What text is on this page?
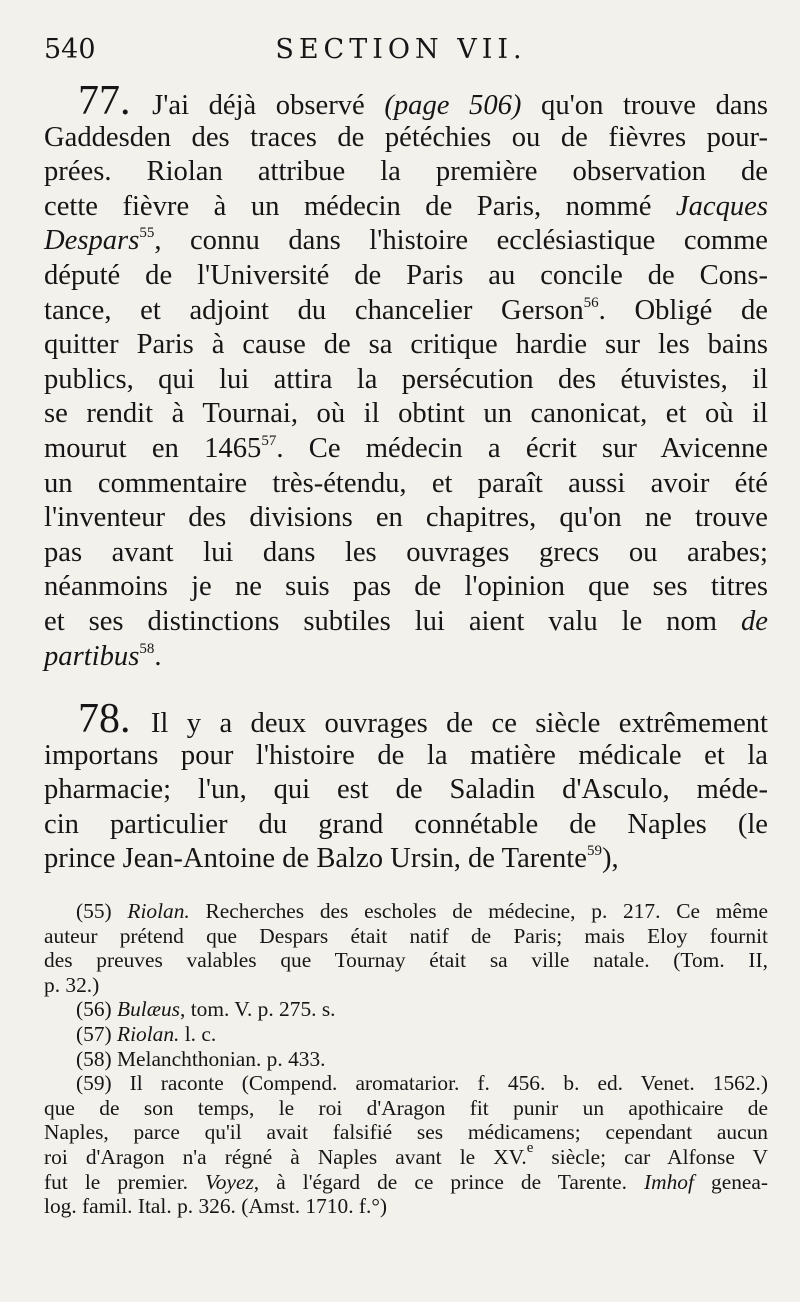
540	SECTION VII.
77. J'ai déjà observé (page 506) qu'on trouve dans
Gaddesden des traces de pétéchies ou de fièvres pour-
prées. Riolan attribue la première observation de
cette fièvre à un médecin de Paris, nommé Jacques
Despars$^{55}$, connu dans l'histoire ecclésiastique comme
député de l'Université de Paris au concile de Cons-
tance, et adjoint du chancelier Gerson$^{56}$. Obligé de
quitter Paris à cause de sa critique hardie sur les bains
publics, qui lui attira la persécution des étuvistes, il
se rendit à Tournai, où il obtint un canonicat, et où il
mourut en 1465$^{57}$. Ce médecin a écrit sur Avicenne
un commentaire très-étendu, et paraît aussi avoir été
l'inventeur des divisions en chapitres, qu'on ne trouve
pas avant lui dans les ouvrages grecs ou arabes;
néanmoins je ne suis pas de l'opinion que ses titres
et ses distinctions subtiles lui aient valu le nom de
partibus$^{58}$.
78. Il y a deux ouvrages de ce siècle extrêmement
importans pour l'histoire de la matière médicale et la
pharmacie; l'un, qui est de Saladin d'Asculo, méde-
cin particulier du grand connétable de Naples (le
prince Jean-Antoine de Balzo Ursin, de Tarente$^{59}$),
(55) Riolan. Recherches des escholes de médecine, p. 217. Ce même
auteur prétend que Despars était natif de Paris; mais Eloy fournit
des preuves valables que Tournay était sa ville natale. (Tom. II,
p. 32.)
(56) Bulæus, tom. V. p. 275. s.
(57) Riolan. l. c.
(58) Melanchthonian. p. 433.
(59) Il raconte (Compend. aromatarior. f. 456. b. ed. Venet. 1562.)
que de son temps, le roi d'Aragon fit punir un apothicaire de
Naples, parce qu'il avait falsifié ses médicamens; cependant aucun
roi d'Aragon n'a régné à Naples avant le XV.$^e$ siècle; car Alfonse V
fut le premier. Voyez, à l'égard de ce prince de Tarente. Imhof genea-
log. famil. Ital. p. 326. (Amst. 1710. f.°)
